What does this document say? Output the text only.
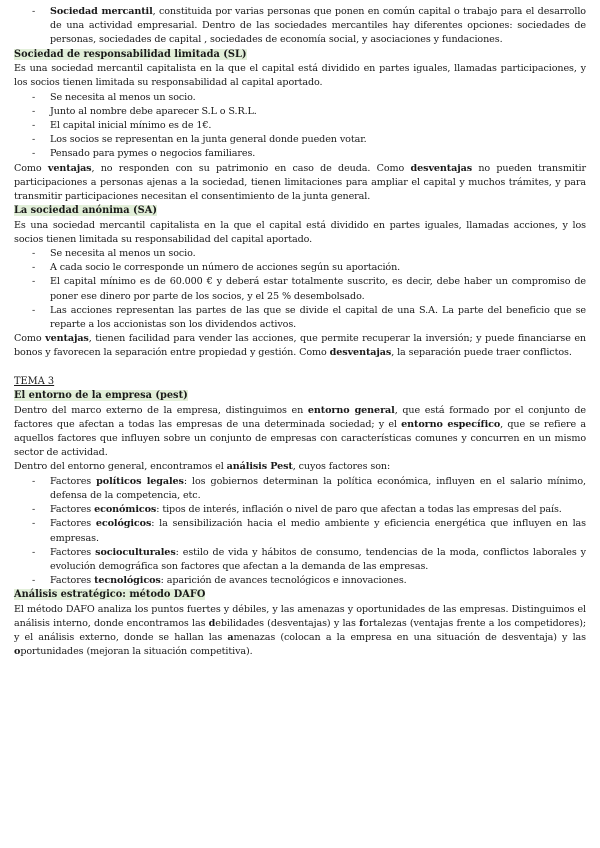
- Sociedad mercantil, constituida por varias personas que ponen en común capital o trabajo para el desarrollo de una actividad empresarial. Dentro de las sociedades mercantiles hay diferentes opciones: sociedades de personas, sociedades de capital , sociedades de economía social, y asociaciones y fundaciones.

Sociedad de responsabilidad limitada (SL)

Es una sociedad mercantil capitalista en la que el capital está dividido en partes iguales, llamadas participaciones, y los socios tienen limitada su responsabilidad al capital aportado.

- Se necesita al menos un socio.
- Junto al nombre debe aparecer S.L o S.R.L.
- El capital inicial mínimo es de 1€.
- Los socios se representan en la junta general donde pueden votar.
- Pensado para pymes o negocios familiares.

Como ventajas, no responden con su patrimonio en caso de deuda. Como desventajas no pueden transmitir participaciones a personas ajenas a la sociedad, tienen limitaciones para ampliar el capital y muchos trámites, y para transmitir participaciones necesitan el consentimiento de la junta general.

La sociedad anónima (SA)

Es una sociedad mercantil capitalista en la que el capital está dividido en partes iguales, llamadas acciones, y los socios tienen limitada su responsabilidad del capital aportado.

- Se necesita al menos un socio.
- A cada socio le corresponde un número de acciones según su aportación.
- El capital mínimo es de 60.000 € y deberá estar totalmente suscrito, es decir, debe haber un compromiso de poner ese dinero por parte de los socios, y el 25 % desembolsado.
- Las acciones representan las partes de las que se divide el capital de una S.A. La parte del beneficio que se reparte a los accionistas son los dividendos activos.

Como ventajas, tienen facilidad para vender las acciones, que permite recuperar la inversión; y puede financiarse en bonos y favorecen la separación entre propiedad y gestión. Como desventajas, la separación puede traer conflictos.

TEMA 3

El entorno de la empresa (pest)

Dentro del marco externo de la empresa, distinguimos en entorno general, que está formado por el conjunto de factores que afectan a todas las empresas de una determinada sociedad; y el entorno específico, que se refiere a aquellos factores que influyen sobre un conjunto de empresas con características comunes y concurren en un mismo sector de actividad.

Dentro del entorno general, encontramos el análisis Pest, cuyos factores son:

- Factores políticos legales: los gobiernos determinan la política económica, influyen en el salario mínimo, defensa de la competencia, etc.
- Factores económicos: tipos de interés, inflación o nivel de paro que afectan a todas las empresas del país.
- Factores ecológicos: la sensibilización hacia el medio ambiente y eficiencia energética que influyen en las empresas.
- Factores socioculturales: estilo de vida y hábitos de consumo, tendencias de la moda, conflictos laborales y evolución demográfica son factores que afectan a la demanda de las empresas.
- Factores tecnológicos: aparición de avances tecnológicos e innovaciones.

Análisis estratégico: método DAFO

El método DAFO analiza los puntos fuertes y débiles, y las amenazas y oportunidades de las empresas. Distinguimos el análisis interno, donde encontramos las debilidades (desventajas) y las fortalezas (ventajas frente a los competidores); y el análisis externo, donde se hallan las amenazas (colocan a la empresa en una situación de desventaja) y las oportunidades (mejoran la situación competitiva).
